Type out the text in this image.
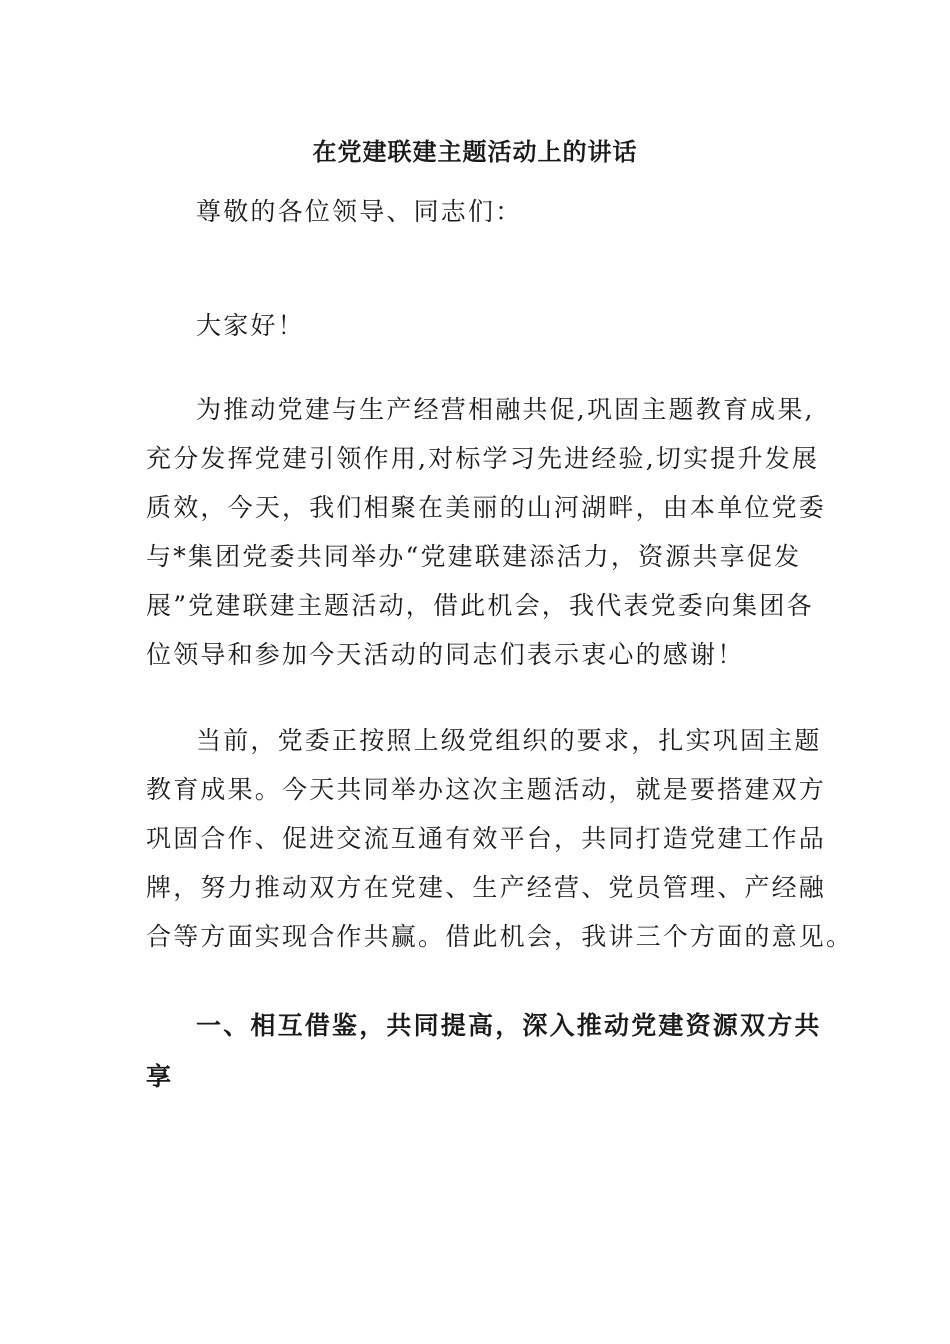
在党建联建主题活动上的讲话
尊敬的各位领导、同志们：
大家好！
为推动党建与生产经营相融共促,巩固主题教育成果,
充分发挥党建引领作用,对标学习先进经验,切实提升发展
质效，今天，我们相聚在美丽的山河湖畔，由本单位党委
与*集团党委共同举办“党建联建添活力，资源共享促发
展”党建联建主题活动，借此机会，我代表党委向集团各
位领导和参加今天活动的同志们表示衷心的感谢！
当前，党委正按照上级党组织的要求，扎实巩固主题
教育成果。今天共同举办这次主题活动，就是要搭建双方
巩固合作、促进交流互通有效平台，共同打造党建工作品
牌，努力推动双方在党建、生产经营、党员管理、产经融
合等方面实现合作共赢。借此机会，我讲三个方面的意见。
一、相互借鉴，共同提高，深入推动党建资源双方共
享
